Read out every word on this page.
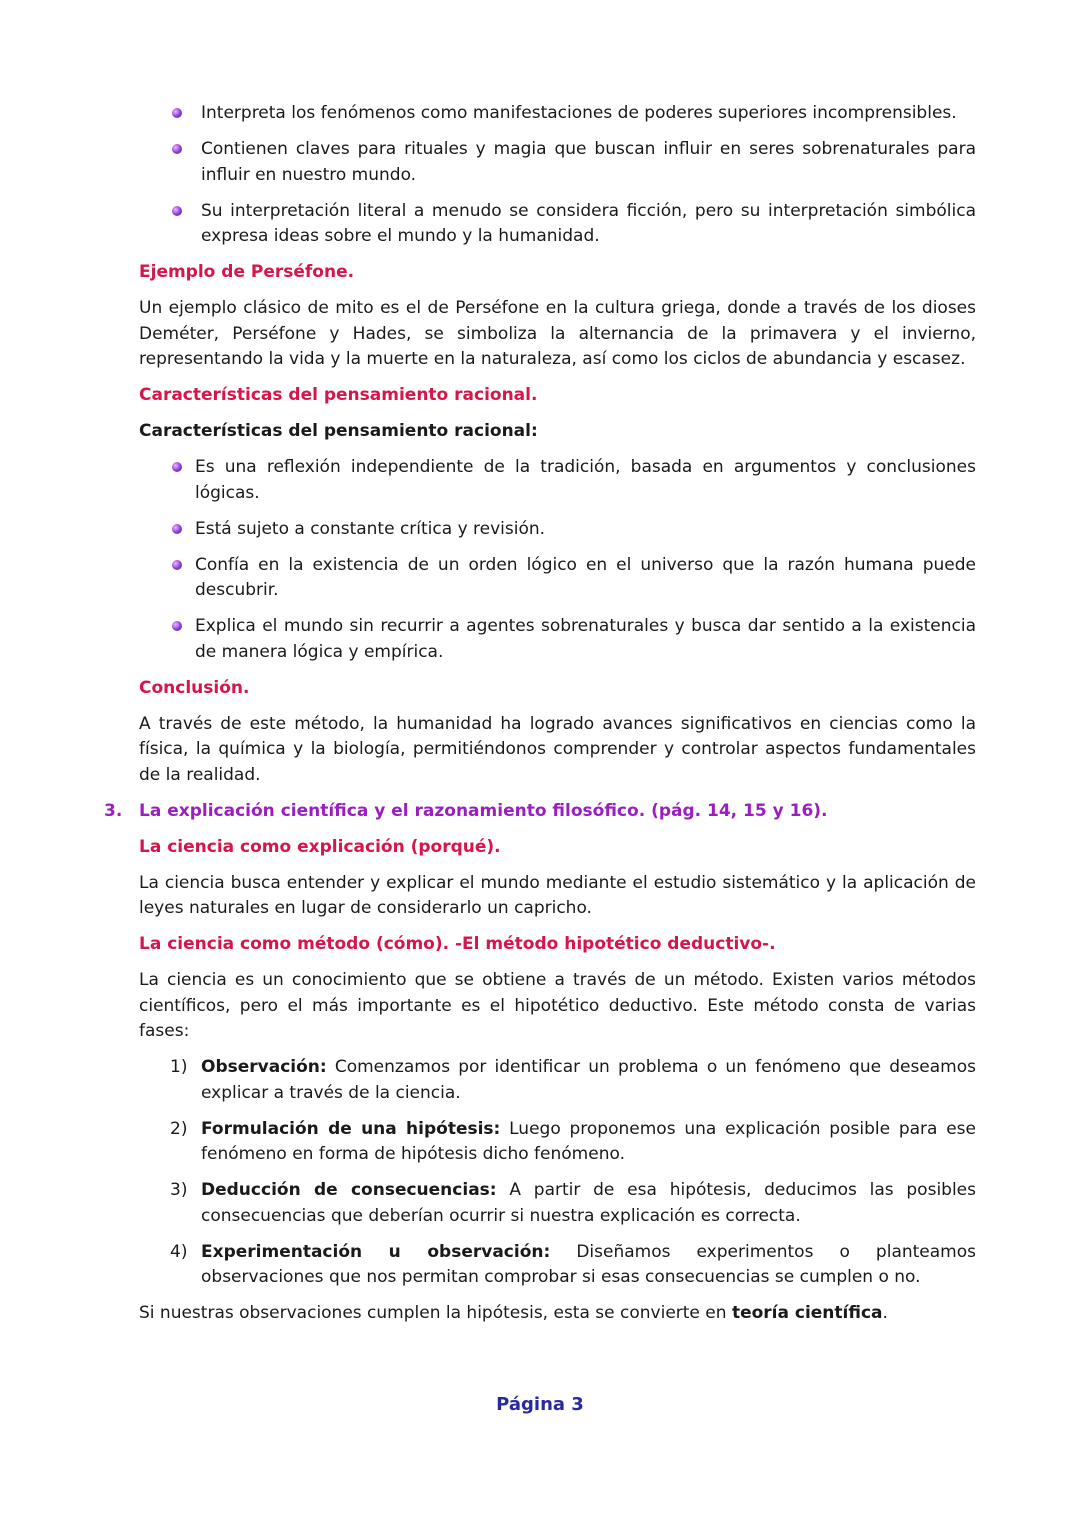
Interpreta los fenómenos como manifestaciones de poderes superiores incomprensibles.
Contienen claves para rituales y magia que buscan influir en seres sobrenaturales para influir en nuestro mundo.
Su interpretación literal a menudo se considera ficción, pero su interpretación simbólica expresa ideas sobre el mundo y la humanidad.
Ejemplo de Perséfone.

Un ejemplo clásico de mito es el de Perséfone en la cultura griega, donde a través de los dioses Deméter, Perséfone y Hades, se simboliza la alternancia de la primavera y el invierno, representando la vida y la muerte en la naturaleza, así como los ciclos de abundancia y escasez.

Características del pensamiento racional.
Características del pensamiento racional:
Es una reflexión independiente de la tradición, basada en argumentos y conclusiones lógicas.
Está sujeto a constante crítica y revisión.
Confía en la existencia de un orden lógico en el universo que la razón humana puede descubrir.
Explica el mundo sin recurrir a agentes sobrenaturales y busca dar sentido a la existencia de manera lógica y empírica.
Conclusión.

A través de este método, la humanidad ha logrado avances significativos en ciencias como la física, la química y la biología, permitiéndonos comprender y controlar aspectos fundamentales de la realidad.

3. La explicación científica y el razonamiento filosófico. (pág. 14, 15 y 16).
La ciencia como explicación (porqué).

La ciencia busca entender y explicar el mundo mediante el estudio sistemático y la aplicación de leyes naturales en lugar de considerarlo un capricho.

La ciencia como método (cómo). -El método hipotético deductivo-.

La ciencia es un conocimiento que se obtiene a través de un método. Existen varios métodos científicos, pero el más importante es el hipotético deductivo. Este método consta de varias fases:

1) Observación: Comenzamos por identificar un problema o un fenómeno que deseamos explicar a través de la ciencia.
2) Formulación de una hipótesis: Luego proponemos una explicación posible para ese fenómeno en forma de hipótesis dicho fenómeno.
3) Deducción de consecuencias: A partir de esa hipótesis, deducimos las posibles consecuencias que deberían ocurrir si nuestra explicación es correcta.
4) Experimentación u observación: Diseñamos experimentos o planteamos observaciones que nos permitan comprobar si esas consecuencias se cumplen o no.

Si nuestras observaciones cumplen la hipótesis, esta se convierte en teoría científica.

Página 3
